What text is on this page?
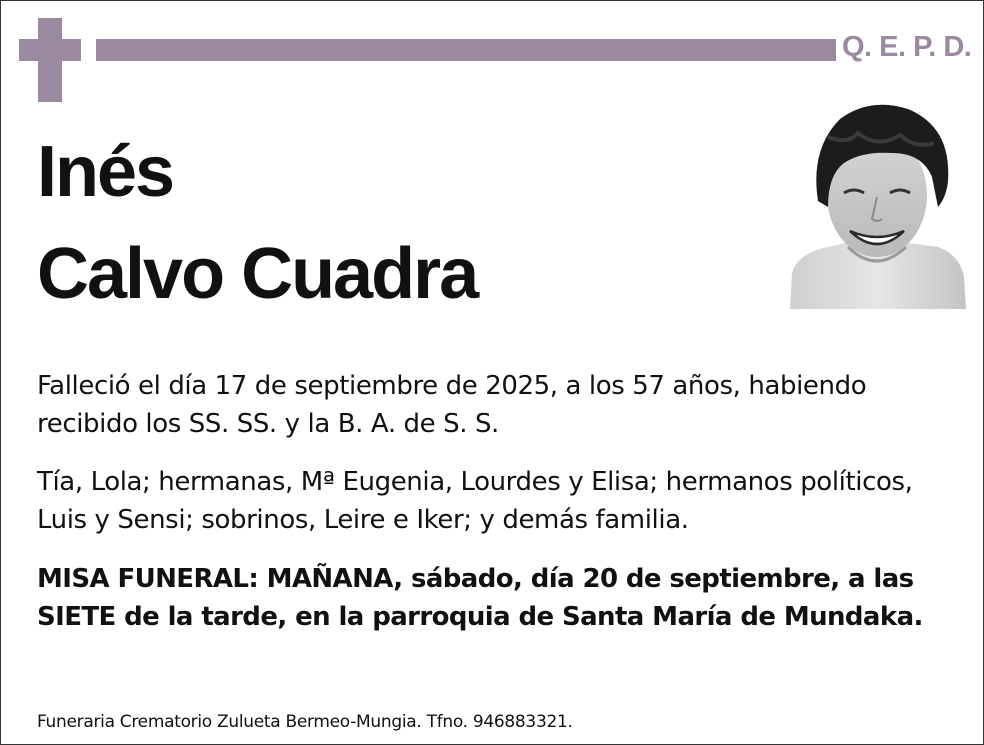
Q. E. P. D.
Inés
Calvo Cuadra

Falleció el día 17 de septiembre de 2025, a los 57 años, habiendo recibido los SS. SS. y la B. A. de S. S.

Tía, Lola; hermanas, Mª Eugenia, Lourdes y Elisa; hermanos políticos, Luis y Sensi; sobrinos, Leire e Iker; y demás familia.

MISA FUNERAL: MAÑANA, sábado, día 20 de septiembre, a las SIETE de la tarde, en la parroquia de Santa María de Mundaka.

Funeraria Crematorio Zulueta Bermeo-Mungia. Tfno. 946883321.
